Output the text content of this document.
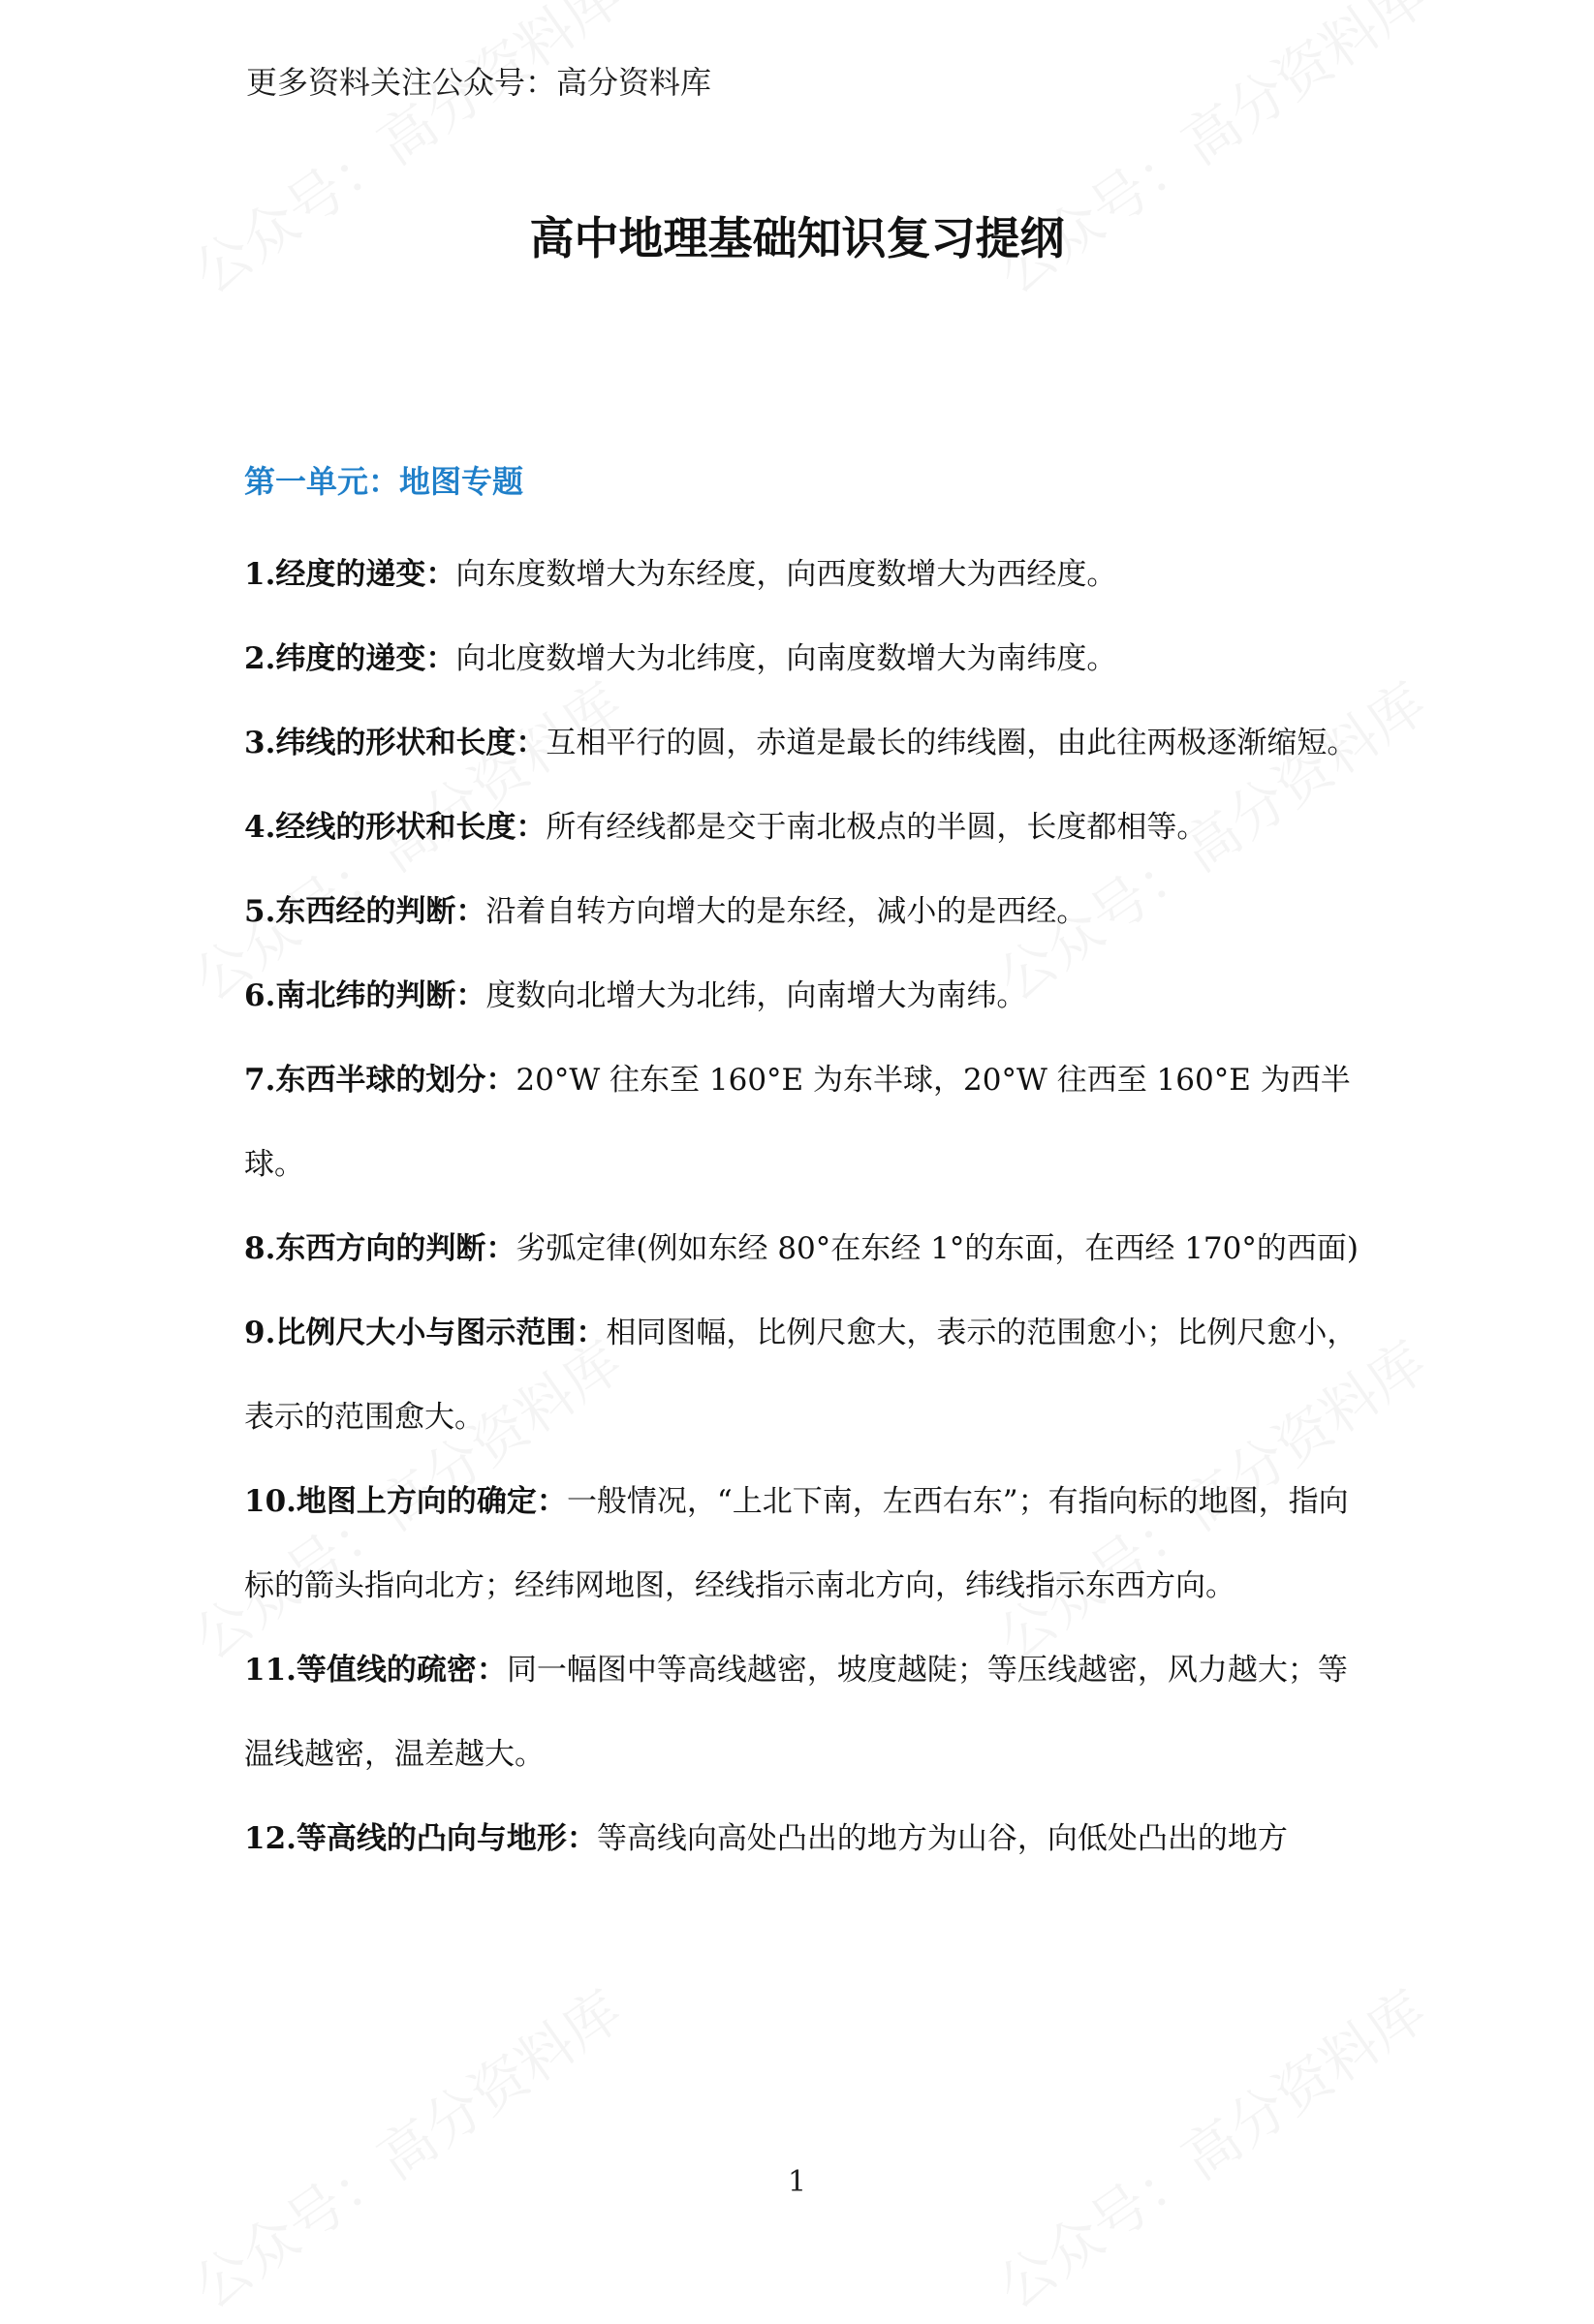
更多资料关注公众号：高分资料库
高中地理基础知识复习提纲
第一单元：地图专题

1.经度的递变：向东度数增大为东经度，向西度数增大为西经度。

2.纬度的递变：向北度数增大为北纬度，向南度数增大为南纬度。

3.纬线的形状和长度：互相平行的圆，赤道是最长的纬线圈，由此往两极逐渐缩短。

4.经线的形状和长度：所有经线都是交于南北极点的半圆，长度都相等。

5.东西经的判断：沿着自转方向增大的是东经，减小的是西经。

6.南北纬的判断：度数向北增大为北纬，向南增大为南纬。

7.东西半球的划分：20°W 往东至 160°E 为东半球，20°W 往西至 160°E 为西半球。

8.东西方向的判断：劣弧定律(例如东经 80°在东经 1°的东面，在西经 170°的西面)

9.比例尺大小与图示范围：相同图幅，比例尺愈大，表示的范围愈小；比例尺愈小，表示的范围愈大。

10.地图上方向的确定：一般情况，“上北下南，左西右东”；有指向标的地图，指向标的箭头指向北方；经纬网地图，经线指示南北方向，纬线指示东西方向。

11.等值线的疏密：同一幅图中等高线越密，坡度越陡；等压线越密，风力越大；等温线越密，温差越大。

12.等高线的凸向与地形：等高线向高处凸出的地方为山谷，向低处凸出的地方

1
